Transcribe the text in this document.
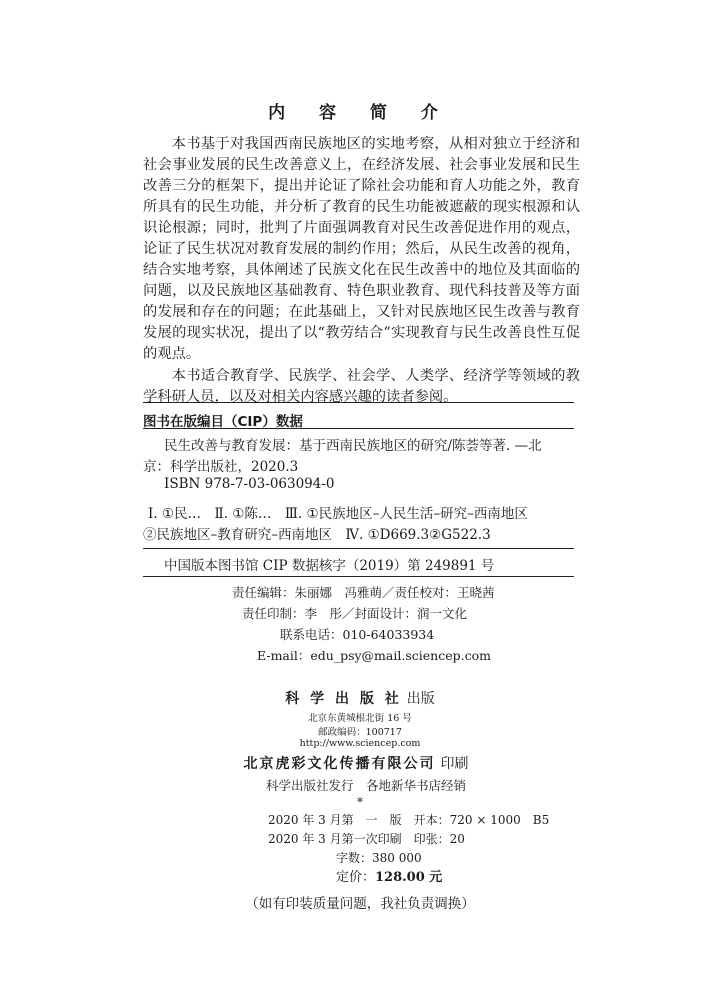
内 容 简 介

本书基于对我国西南民族地区的实地考察，从相对独立于经济和社会事业发展的民生改善意义上，在经济发展、社会事业发展和民生改善三分的框架下，提出并论证了除社会功能和育人功能之外，教育所具有的民生功能，并分析了教育的民生功能被遮蔽的现实根源和认识论根源；同时，批判了片面强调教育对民生改善促进作用的观点，论证了民生状况对教育发展的制约作用；然后，从民生改善的视角，结合实地考察，具体阐述了民族文化在民生改善中的地位及其面临的问题，以及民族地区基础教育、特色职业教育、现代科技普及等方面的发展和存在的问题；在此基础上，又针对民族地区民生改善与教育发展的现实状况，提出了以“教劳结合”实现教育与民生改善良性互促的观点。

本书适合教育学、民族学、社会学、人类学、经济学等领域的教学科研人员，以及对相关内容感兴趣的读者参阅。

图书在版编目（CIP）数据
民生改善与教育发展：基于西南民族地区的研究/陈荟等著. —北
京：科学出版社，2020.3
ISBN 978-7-03-063094-0
Ⅰ. ①民…　Ⅱ. ①陈…　Ⅲ. ①民族地区–人民生活–研究–西南地区
②民族地区–教育研究–西南地区　Ⅳ. ①D669.3②G522.3
中国版本图书馆 CIP 数据核字（2019）第 249891 号
责任编辑：朱丽娜　冯雅萌／责任校对：王晓茜
责任印制：李　彤／封面设计：润一文化
联系电话：010-64033934
E-mail：edu_psy@mail.sciencep.com
科 学 出 版 社 出版
北京东黄城根北街 16 号
邮政编码：100717
http://www.sciencep.com
北京虎彩文化传播有限公司 印刷
科学出版社发行　各地新华书店经销
*
2020 年 3 月第　一　版　开本：720 × 1000　B5
2020 年 3 月第一次印刷　印张：20
字数：380 000
定价：128.00 元
（如有印装质量问题，我社负责调换）
